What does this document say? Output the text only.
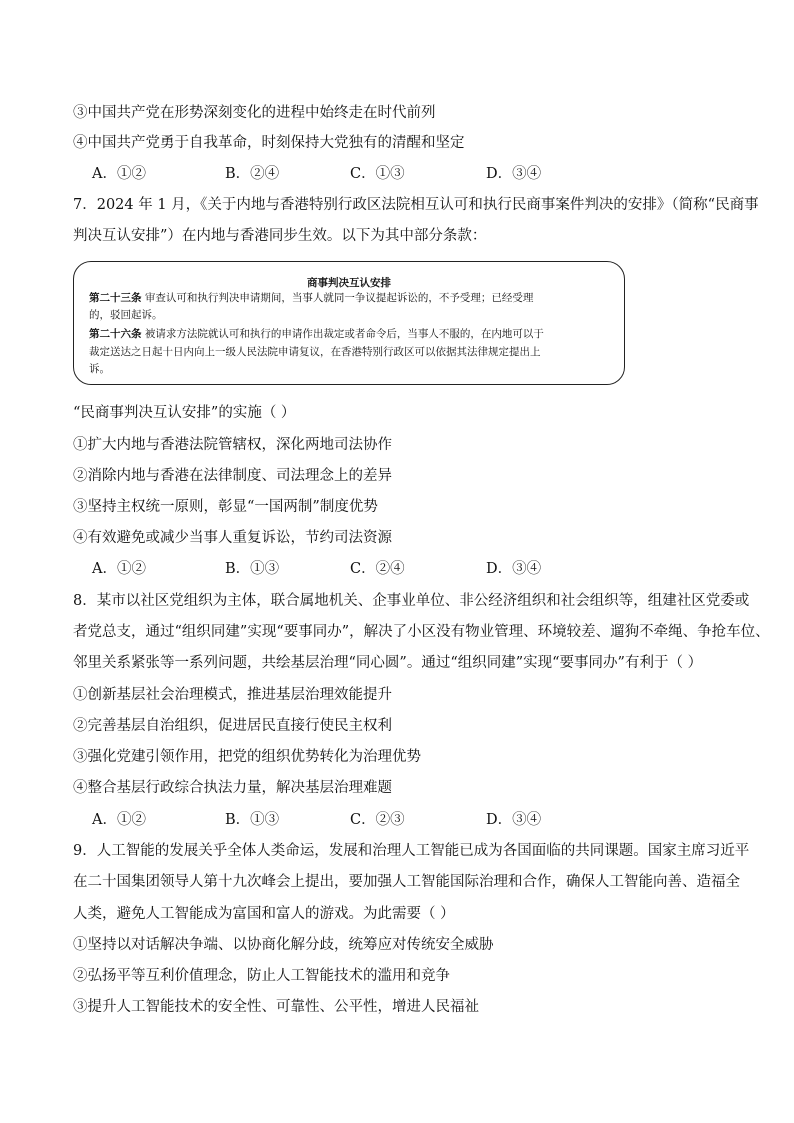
③中国共产党在形势深刻变化的进程中始终走在时代前列
④中国共产党勇于自我革命，时刻保持大党独有的清醒和坚定
A．①②	B．②④	C．①③	D．③④
7．2024 年 1 月，《关于内地与香港特别行政区法院相互认可和执行民商事案件判决的安排》（简称“民商事
判决互认安排”）在内地与香港同步生效。以下为其中部分条款：
商事判决互认安排
第二十三条 审查认可和执行判决申请期间，当事人就同一争议提起诉讼的，不予受理；已经受理
的，驳回起诉。
第二十六条 被请求方法院就认可和执行的申请作出裁定或者命令后，当事人不服的，在内地可以于
裁定送达之日起十日内向上一级人民法院申请复议，在香港特别行政区可以依据其法律规定提出上
诉。
“民商事判决互认安排”的实施（ ）
①扩大内地与香港法院管辖权，深化两地司法协作
②消除内地与香港在法律制度、司法理念上的差异
③坚持主权统一原则，彰显“一国两制”制度优势
④有效避免或减少当事人重复诉讼，节约司法资源
A．①②	B．①③	C．②④	D．③④
8．某市以社区党组织为主体，联合属地机关、企事业单位、非公经济组织和社会组织等，组建社区党委或
者党总支，通过“组织同建”实现“要事同办”，解决了小区没有物业管理、环境较差、遛狗不牵绳、争抢车位、
邻里关系紧张等一系列问题，共绘基层治理“同心圆”。通过“组织同建”实现“要事同办”有利于（ ）
①创新基层社会治理模式，推进基层治理效能提升
②完善基层自治组织，促进居民直接行使民主权利
③强化党建引领作用，把党的组织优势转化为治理优势
④整合基层行政综合执法力量，解决基层治理难题
A．①②	B．①③	C．②③	D．③④
9．人工智能的发展关乎全体人类命运，发展和治理人工智能已成为各国面临的共同课题。国家主席习近平
在二十国集团领导人第十九次峰会上提出，要加强人工智能国际治理和合作，确保人工智能向善、造福全
人类，避免人工智能成为富国和富人的游戏。为此需要（ ）
①坚持以对话解决争端、以协商化解分歧，统筹应对传统安全威胁
②弘扬平等互利价值理念，防止人工智能技术的滥用和竞争
③提升人工智能技术的安全性、可靠性、公平性，增进人民福祉
